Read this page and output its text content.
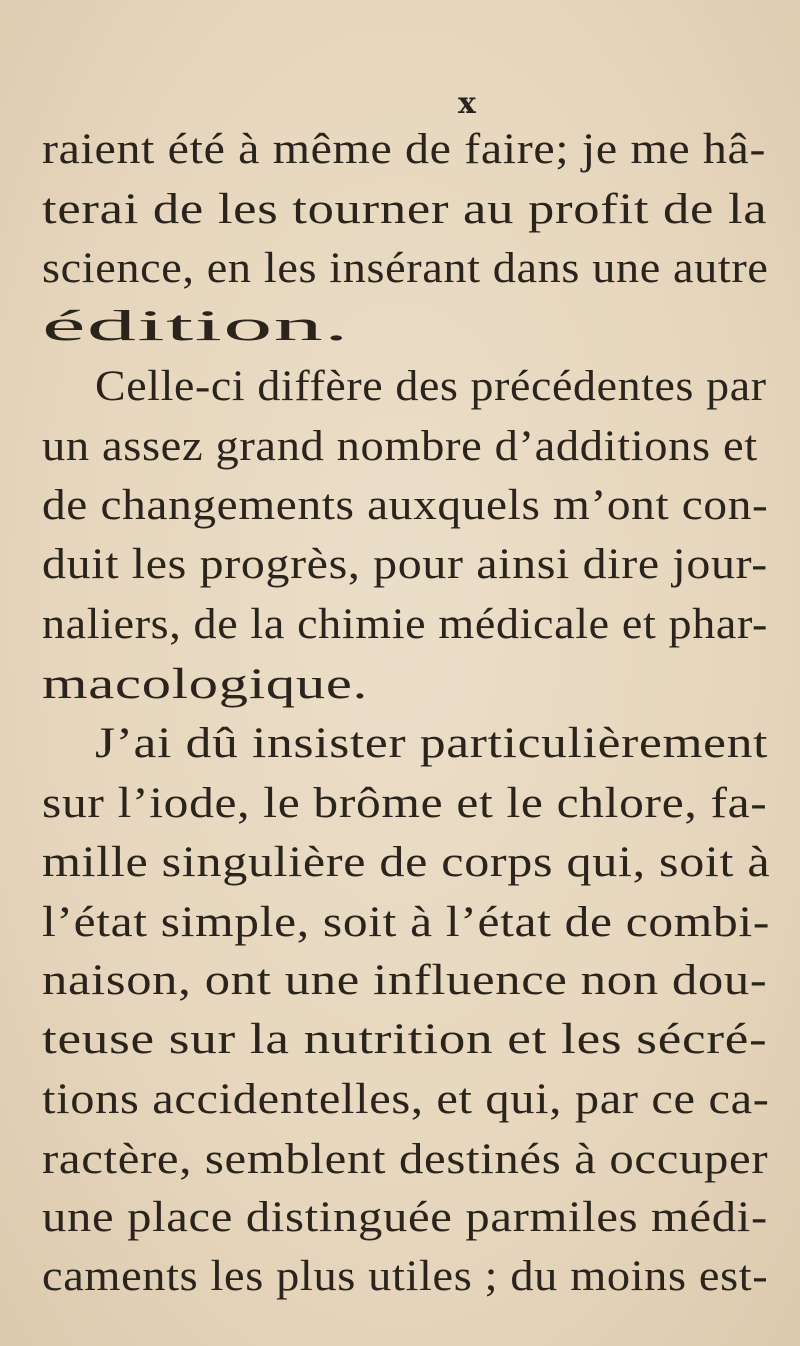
x
raient été à même de faire; je me hâ-
terai de les tourner au profit de la
science, en les insérant dans une autre
édition.
Celle-ci diffère des précédentes par
un assez grand nombre d’additions et
de changements auxquels m’ont con-
duit les progrès, pour ainsi dire jour-
naliers, de la chimie médicale et phar-
macologique.
J’ai dû insister particulièrement
sur l’iode, le brôme et le chlore, fa-
mille singulière de corps qui, soit à
l’état simple, soit à l’état de combi-
naison, ont une influence non dou-
teuse sur la nutrition et les sécré-
tions accidentelles, et qui, par ce ca-
ractère, semblent destinés à occuper
une place distinguée parmiles médi-
caments les plus utiles ; du moins est-
